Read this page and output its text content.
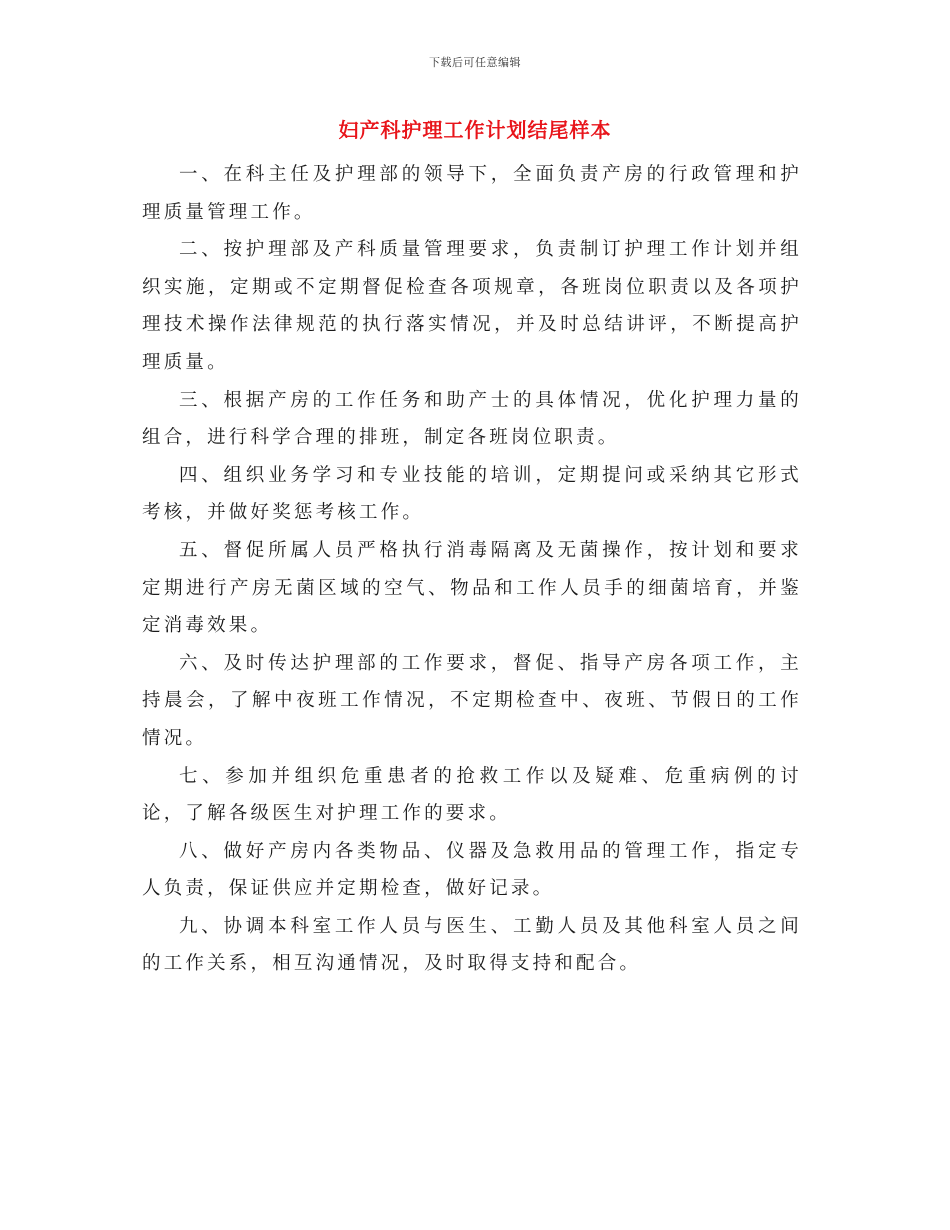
下载后可任意编辑
妇产科护理工作计划结尾样本

一、在科主任及护理部的领导下，全面负责产房的行政管理和护理质量管理工作。

二、按护理部及产科质量管理要求，负责制订护理工作计划并组织实施，定期或不定期督促检查各项规章，各班岗位职责以及各项护理技术操作法律规范的执行落实情况，并及时总结讲评，不断提高护理质量。

三、根据产房的工作任务和助产士的具体情况，优化护理力量的组合，进行科学合理的排班，制定各班岗位职责。

四、组织业务学习和专业技能的培训，定期提问或采纳其它形式考核，并做好奖惩考核工作。

五、督促所属人员严格执行消毒隔离及无菌操作，按计划和要求定期进行产房无菌区域的空气、物品和工作人员手的细菌培育，并鉴定消毒效果。

六、及时传达护理部的工作要求，督促、指导产房各项工作，主持晨会，了解中夜班工作情况，不定期检查中、夜班、节假日的工作情况。

七、参加并组织危重患者的抢救工作以及疑难、危重病例的讨论，了解各级医生对护理工作的要求。

八、做好产房内各类物品、仪器及急救用品的管理工作，指定专人负责，保证供应并定期检查，做好记录。

九、协调本科室工作人员与医生、工勤人员及其他科室人员之间的工作关系，相互沟通情况，及时取得支持和配合。
